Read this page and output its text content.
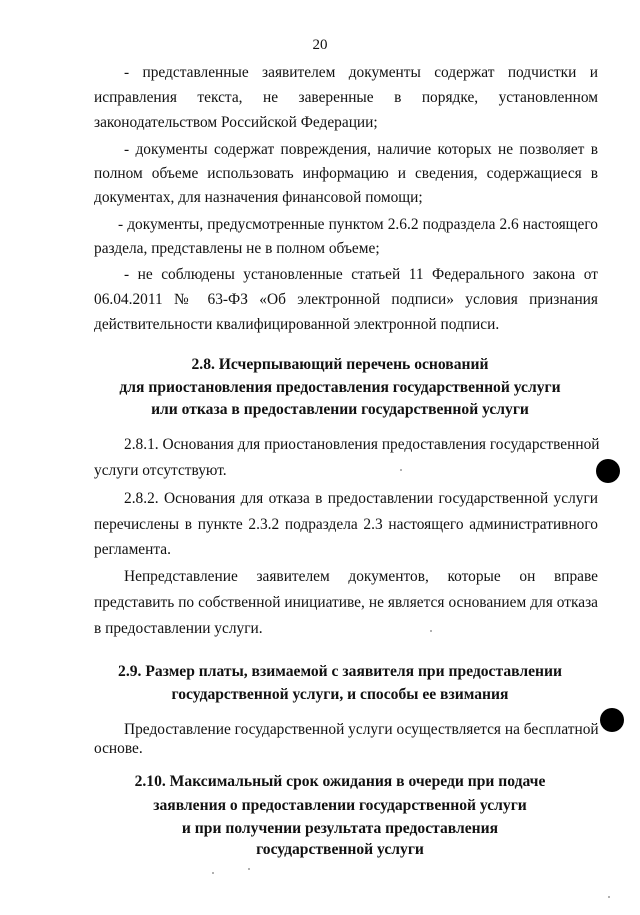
20
- представленные заявителем документы содержат подчистки и
исправления текста, не заверенные в порядке, установленном
законодательством Российской Федерации;
- документы содержат повреждения, наличие которых не позволяет в
полном объеме использовать информацию и сведения, содержащиеся в
документах, для назначения финансовой помощи;
- документы, предусмотренные пунктом 2.6.2 подраздела 2.6 настоящего
раздела, представлены не в полном объеме;
- не соблюдены установленные статьей 11 Федерального закона от
06.04.2011 № 63-ФЗ «Об электронной подписи» условия признания
действительности квалифицированной электронной подписи.
2.8. Исчерпывающий перечень оснований
для приостановления предоставления государственной услуги
или отказа в предоставлении государственной услуги
2.8.1. Основания для приостановления предоставления государственной
услуги отсутствуют.
2.8.2. Основания для отказа в предоставлении государственной услуги
перечислены в пункте 2.3.2 подраздела 2.3 настоящего административного
регламента.
Непредставление заявителем документов, которые он вправе
представить по собственной инициативе, не является основанием для отказа
в предоставлении услуги.
2.9. Размер платы, взимаемой с заявителя при предоставлении
государственной услуги, и способы ее взимания
Предоставление государственной услуги осуществляется на бесплатной
основе.
2.10. Максимальный срок ожидания в очереди при подаче
заявления о предоставлении государственной услуги
и при получении результата предоставления
государственной услуги
